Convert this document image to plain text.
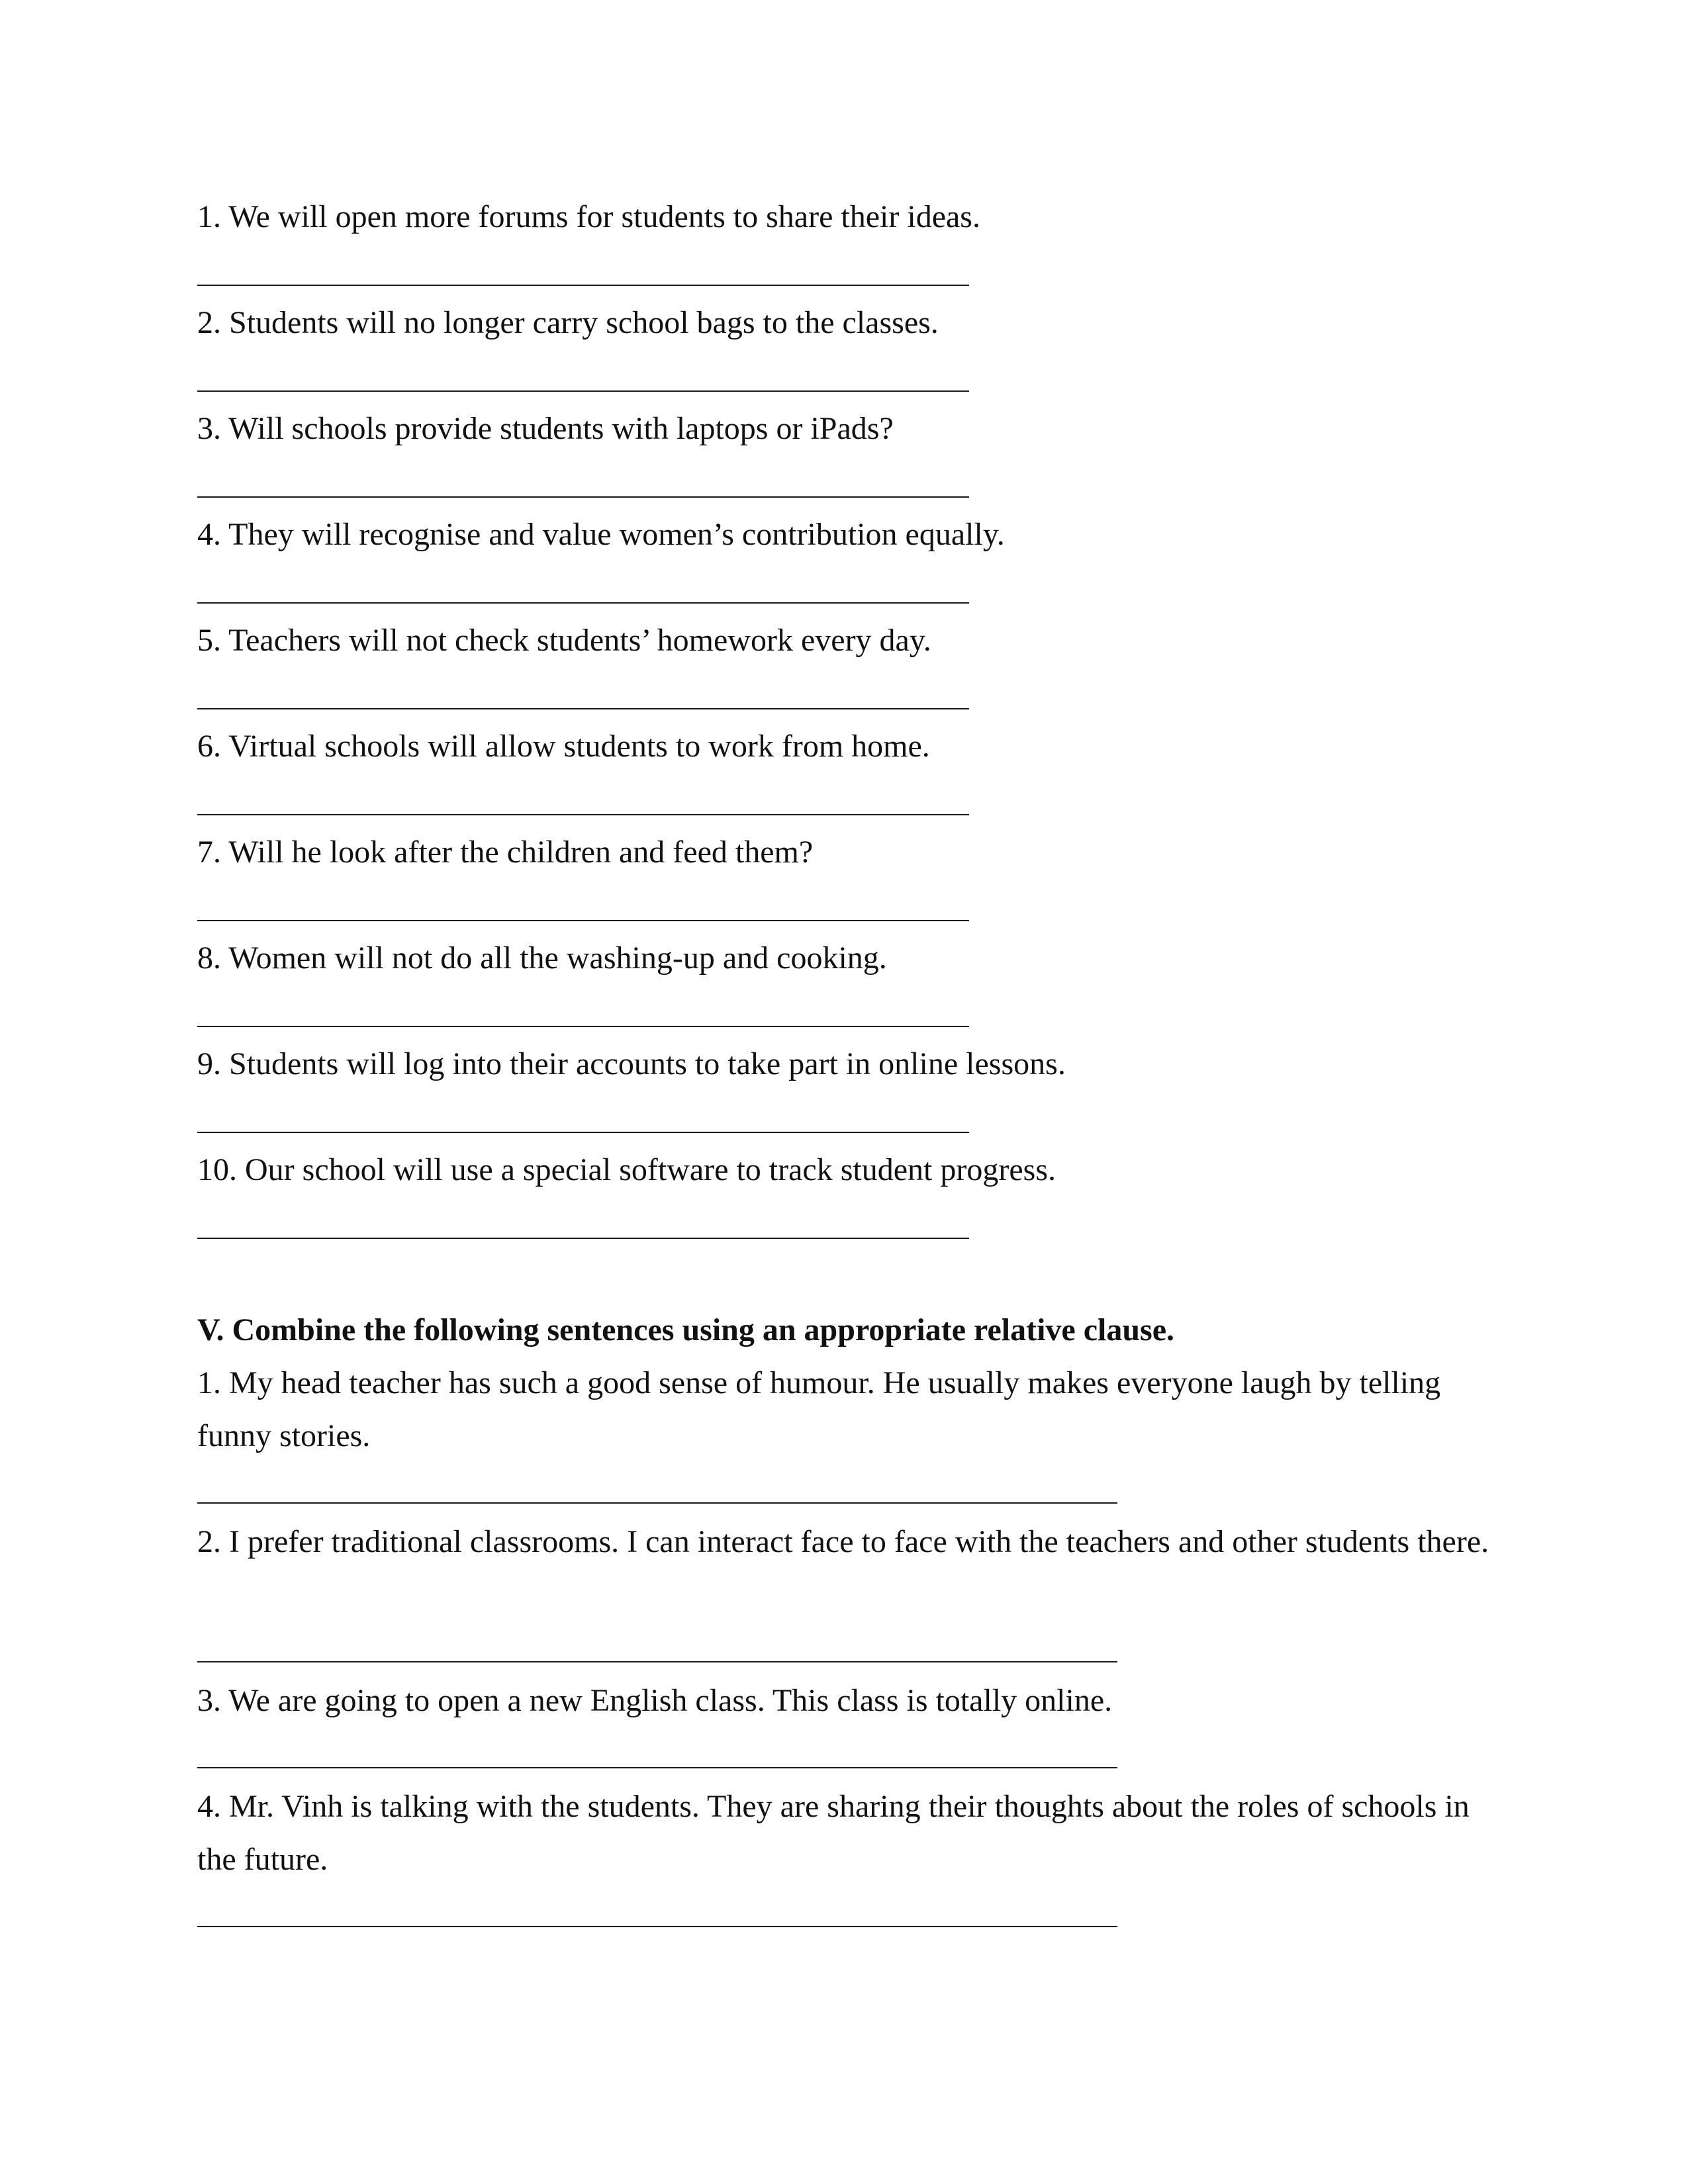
1. We will open more forums for students to share their ideas.

2. Students will no longer carry school bags to the classes.

3. Will schools provide students with laptops or iPads?

4. They will recognise and value women’s contribution equally.

5. Teachers will not check students’ homework every day.

6. Virtual schools will allow students to work from home.

7. Will he look after the children and feed them?

8. Women will not do all the washing-up and cooking.

9. Students will log into their accounts to take part in online lessons.

10. Our school will use a special software to track student progress.

V. Combine the following sentences using an appropriate relative clause.

1. My head teacher has such a good sense of humour. He usually makes everyone laugh by telling funny stories.

2. I prefer traditional classrooms. I can interact face to face with the teachers and other students there.

3. We are going to open a new English class. This class is totally online.

4. Mr. Vinh is talking with the students. They are sharing their thoughts about the roles of schools in the future.
